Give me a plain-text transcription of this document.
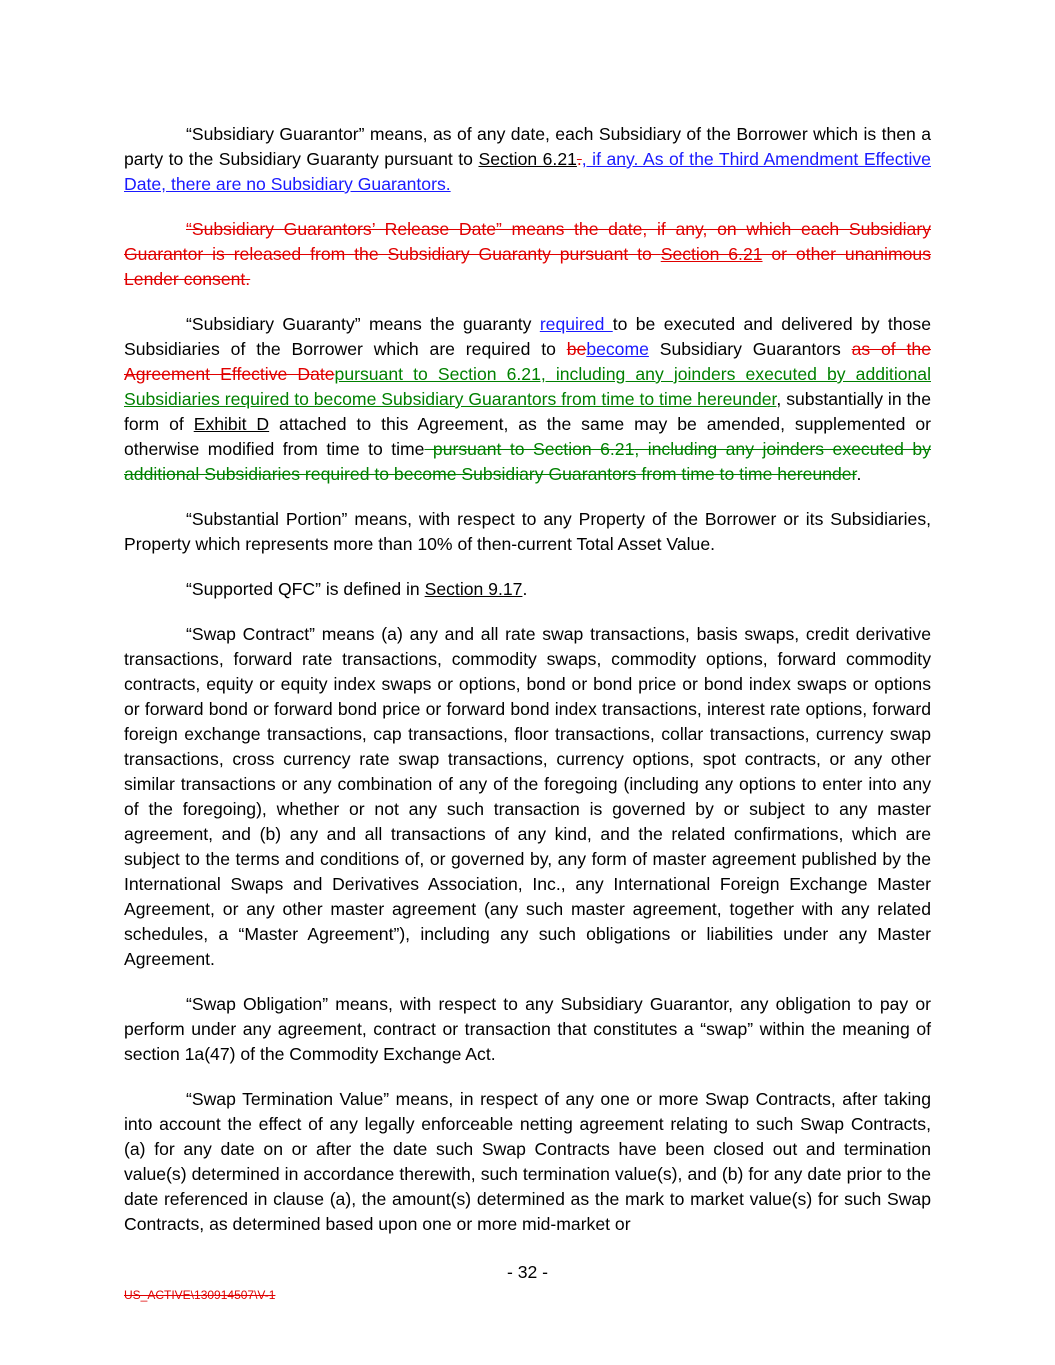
“Subsidiary Guarantor” means, as of any date, each Subsidiary of the Borrower which is then a party to the Subsidiary Guaranty pursuant to Section 6.21., if any. As of the Third Amendment Effective Date, there are no Subsidiary Guarantors.

“Subsidiary Guarantors’ Release Date” means the date, if any, on which each Subsidiary Guarantor is released from the Subsidiary Guaranty pursuant to Section 6.21 or other unanimous Lender consent.

“Subsidiary Guaranty” means the guaranty required to be executed and delivered by those Subsidiaries of the Borrower which are required to bebecome Subsidiary Guarantors as of the Agreement Effective Datepursuant to Section 6.21, including any joinders executed by additional Subsidiaries required to become Subsidiary Guarantors from time to time hereunder, substantially in the form of Exhibit D attached to this Agreement, as the same may be amended, supplemented or otherwise modified from time to time pursuant to Section 6.21, including any joinders executed by additional Subsidiaries required to become Subsidiary Guarantors from time to time hereunder.

“Substantial Portion” means, with respect to any Property of the Borrower or its Subsidiaries, Property which represents more than 10% of then-current Total Asset Value.

“Supported QFC” is defined in Section 9.17.

“Swap Contract” means (a) any and all rate swap transactions, basis swaps, credit derivative transactions, forward rate transactions, commodity swaps, commodity options, forward commodity contracts, equity or equity index swaps or options, bond or bond price or bond index swaps or options or forward bond or forward bond price or forward bond index transactions, interest rate options, forward foreign exchange transactions, cap transactions, floor transactions, collar transactions, currency swap transactions, cross currency rate swap transactions, currency options, spot contracts, or any other similar transactions or any combination of any of the foregoing (including any options to enter into any of the foregoing), whether or not any such transaction is governed by or subject to any master agreement, and (b) any and all transactions of any kind, and the related confirmations, which are subject to the terms and conditions of, or governed by, any form of master agreement published by the International Swaps and Derivatives Association, Inc., any International Foreign Exchange Master Agreement, or any other master agreement (any such master agreement, together with any related schedules, a “Master Agreement”), including any such obligations or liabilities under any Master Agreement.

“Swap Obligation” means, with respect to any Subsidiary Guarantor, any obligation to pay or perform under any agreement, contract or transaction that constitutes a “swap” within the meaning of section 1a(47) of the Commodity Exchange Act.

“Swap Termination Value” means, in respect of any one or more Swap Contracts, after taking into account the effect of any legally enforceable netting agreement relating to such Swap Contracts, (a) for any date on or after the date such Swap Contracts have been closed out and termination value(s) determined in accordance therewith, such termination value(s), and (b) for any date prior to the date referenced in clause (a), the amount(s) determined as the mark to market value(s) for such Swap Contracts, as determined based upon one or more mid-market or

- 32 -
US_ACTIVE\130914507\V-1
